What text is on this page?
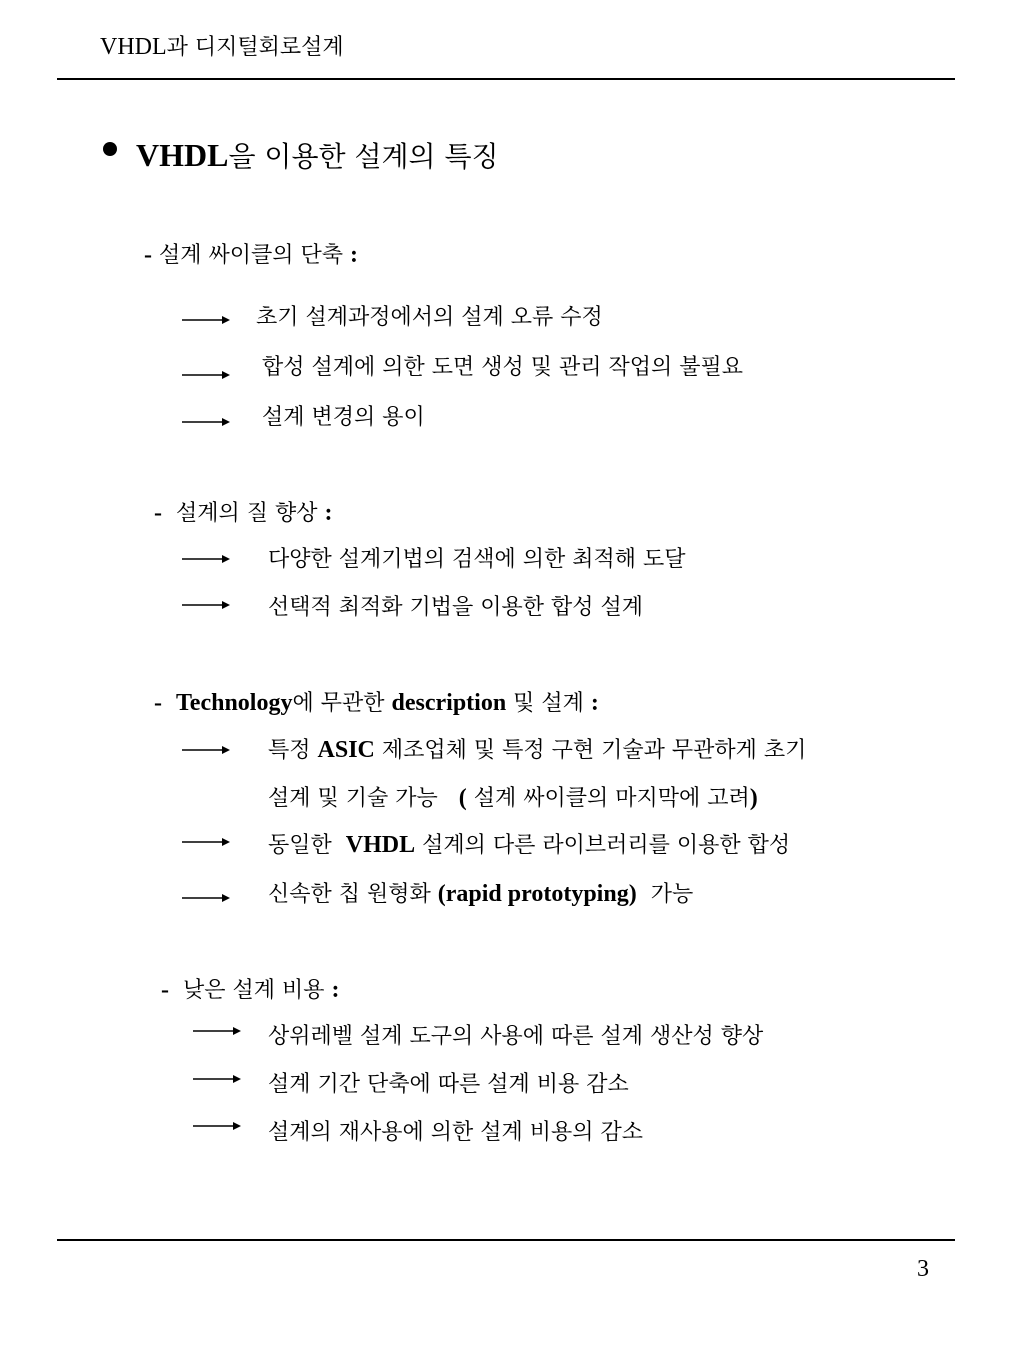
VHDL과 디지털회로설계
VHDL을 이용한 설계의 특징
- 설계 싸이클의 단축 :
초기 설계과정에서의 설계 오류 수정
합성 설계에 의한 도면 생성 및 관리 작업의 불필요
설계 변경의 용이
- 설계의 질 향상 :
다양한 설계기법의 검색에 의한 최적해 도달
선택적 최적화 기법을 이용한 합성 설계
- Technology에 무관한 description 및 설계 :
특정 ASIC 제조업체 및 특정 구현 기술과 무관하게 초기
설계 및 기술 가능 ( 설계 싸이클의 마지막에 고려)
동일한 VHDL 설계의 다른 라이브러리를 이용한 합성
신속한 칩 원형화 (rapid prototyping) 가능
- 낮은 설계 비용 :
상위레벨 설계 도구의 사용에 따른 설계 생산성 향상
설계 기간 단축에 따른 설계 비용 감소
설계의 재사용에 의한 설계 비용의 감소
3
